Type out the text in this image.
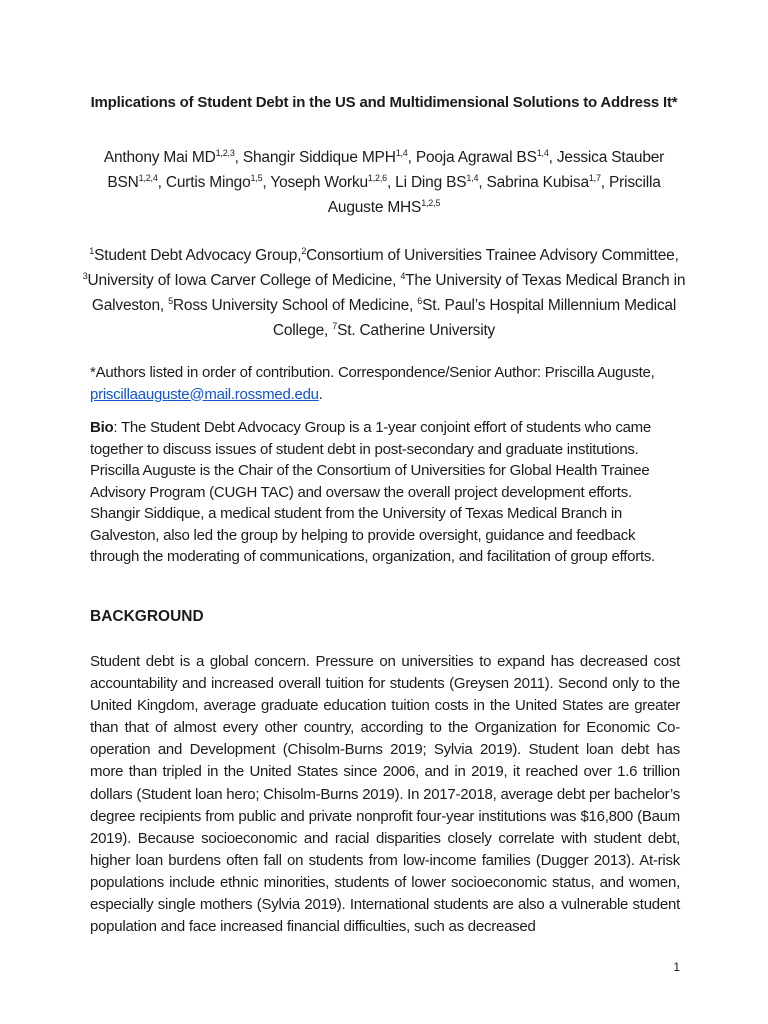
Implications of Student Debt in the US and Multidimensional Solutions to Address It*
Anthony Mai MD$^{1,2,3}$, Shangir Siddique MPH$^{1,4}$, Pooja Agrawal BS$^{1,4}$, Jessica Stauber BSN$^{1,2,4}$, Curtis Mingo$^{1,5}$, Yoseph Worku$^{1,2,6}$, Li Ding BS$^{1,4}$, Sabrina Kubisa$^{1,7}$, Priscilla Auguste MHS$^{1,2,5}$
$^1$Student Debt Advocacy Group,$^2$Consortium of Universities Trainee Advisory Committee, $^3$University of Iowa Carver College of Medicine, $^4$The University of Texas Medical Branch in Galveston, $^5$Ross University School of Medicine, $^6$St. Paul’s Hospital Millennium Medical College, $^7$St. Catherine University
*Authors listed in order of contribution. Correspondence/Senior Author: Priscilla Auguste, priscillaauguste@mail.rossmed.edu.
Bio: The Student Debt Advocacy Group is a 1-year conjoint effort of students who came together to discuss issues of student debt in post-secondary and graduate institutions. Priscilla Auguste is the Chair of the Consortium of Universities for Global Health Trainee Advisory Program (CUGH TAC) and oversaw the overall project development efforts. Shangir Siddique, a medical student from the University of Texas Medical Branch in Galveston, also led the group by helping to provide oversight, guidance and feedback through the moderating of communications, organization, and facilitation of group efforts.
BACKGROUND
Student debt is a global concern. Pressure on universities to expand has decreased cost accountability and increased overall tuition for students (Greysen 2011). Second only to the United Kingdom, average graduate education tuition costs in the United States are greater than that of almost every other country, according to the Organization for Economic Co-operation and Development (Chisolm-Burns 2019; Sylvia 2019). Student loan debt has more than tripled in the United States since 2006, and in 2019, it reached over 1.6 trillion dollars (Student loan hero; Chisolm-Burns 2019). In 2017-2018, average debt per bachelor’s degree recipients from public and private nonprofit four-year institutions was $16,800 (Baum 2019). Because socioeconomic and racial disparities closely correlate with student debt, higher loan burdens often fall on students from low-income families (Dugger 2013). At-risk populations include ethnic minorities, students of lower socioeconomic status, and women, especially single mothers (Sylvia 2019). International students are also a vulnerable student population and face increased financial difficulties, such as decreased
1
